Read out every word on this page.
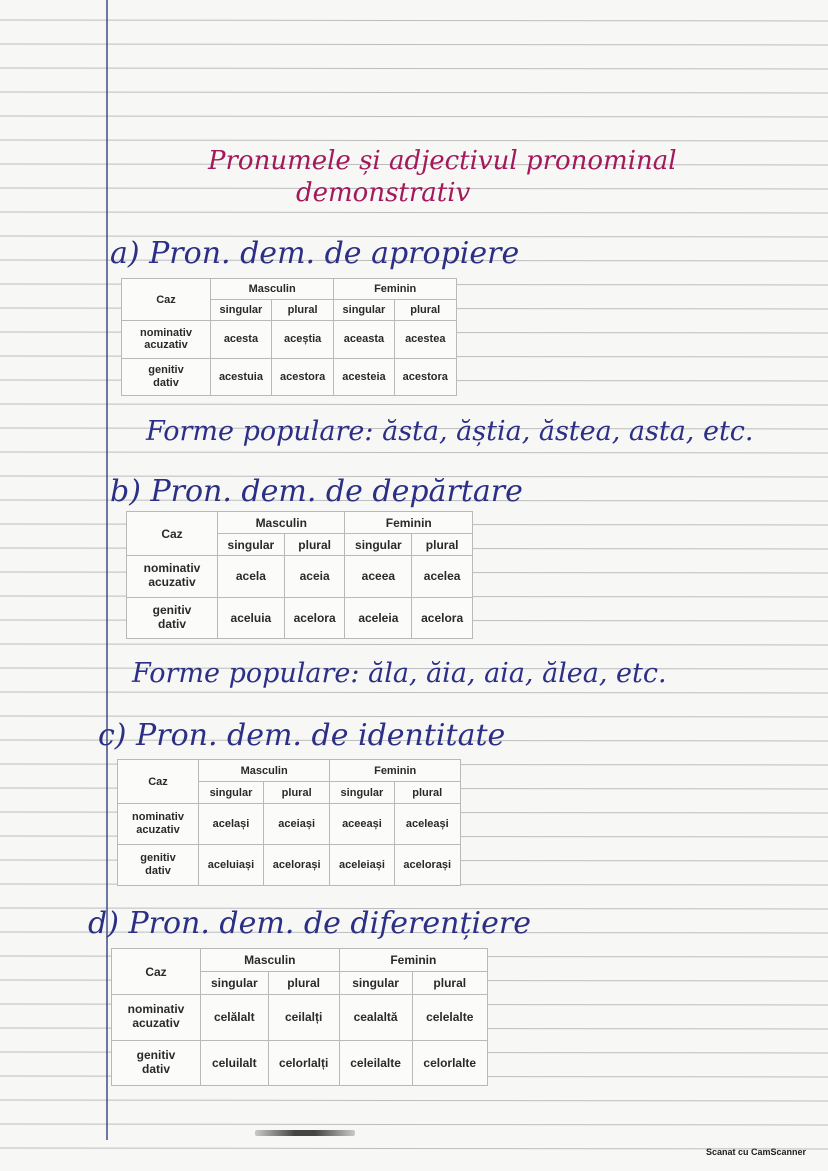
Pronumele și adjectivul pronominal
demonstrativ
a) Pron. dem. de apropiere
Caz	Masculin		Feminin	
	singular	plural	singular	plural
nominativ
acuzativ	acesta	aceștia	aceasta	acestea
genitiv
dativ	acestuia	acestora	acesteia	acestora
Forme populare: ăsta, ăștia, ăstea, asta, etc.
b) Pron. dem. de depărtare
Caz	Masculin		Feminin	
	singular	plural	singular	plural
nominativ
acuzativ	acela	aceia	aceea	acelea
genitiv
dativ	aceluia	acelora	aceleia	acelora
Forme populare: ăla, ăia, aia, ălea, etc.
c) Pron. dem. de identitate
Caz	Masculin		Feminin	
	singular	plural	singular	plural
nominativ
acuzativ	același	aceiași	aceeași	aceleași
genitiv
dativ	aceluiași	acelorași	aceleiași	acelorași
d) Pron. dem. de diferențiere
Caz	Masculin		Feminin	
	singular	plural	singular	plural
nominativ
acuzativ	celălalt	ceilalți	cealaltă	celelalte
genitiv
dativ	celuilalt	celorlalți	celeilalte	celorlalte
Scanat cu CamScanner
